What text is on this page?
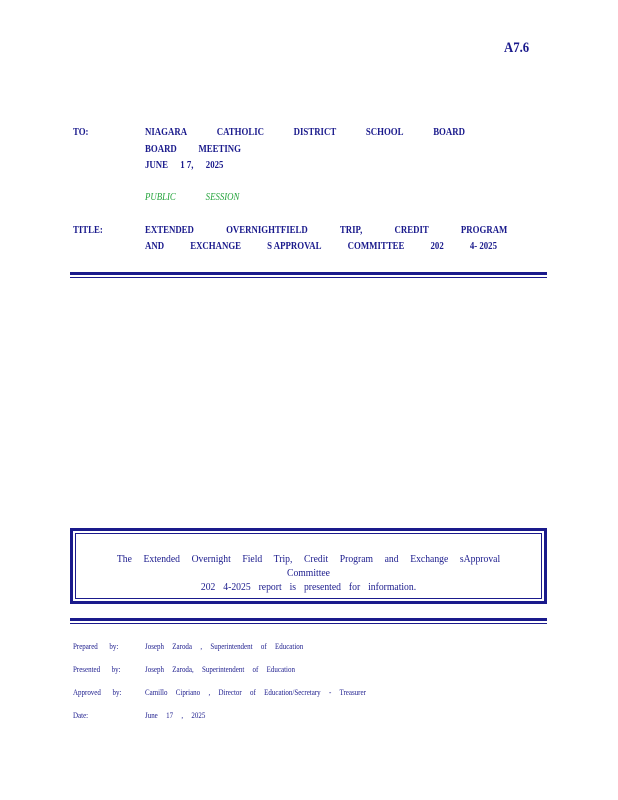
A7.6
TO:	NIAGARA	CATHOLIC	DISTRICT	SCHOOL	BOARD
BOARD MEETING
JUNE 1 7, 2025
PUBLIC	SESSION
TITLE:	EXTENDED	OVERNIGHTFIELD	TRIP,	CREDIT	PROGRAM
AND EXCHANGE S APPROVAL COMMITTEE 202 4- 2025
The Extended Overnight Field Trip, Credit Program and Exchange sApproval Committee
202 4-2025 report is presented for information.
Prepared by:	Joseph Zaroda , Superintendent of Education
Presented by:	Joseph Zaroda, Superintendent of Education
Approved by:	Camillo Cipriano , Director of Education/Secretary - Treasurer
Date:	June 17 , 2025
